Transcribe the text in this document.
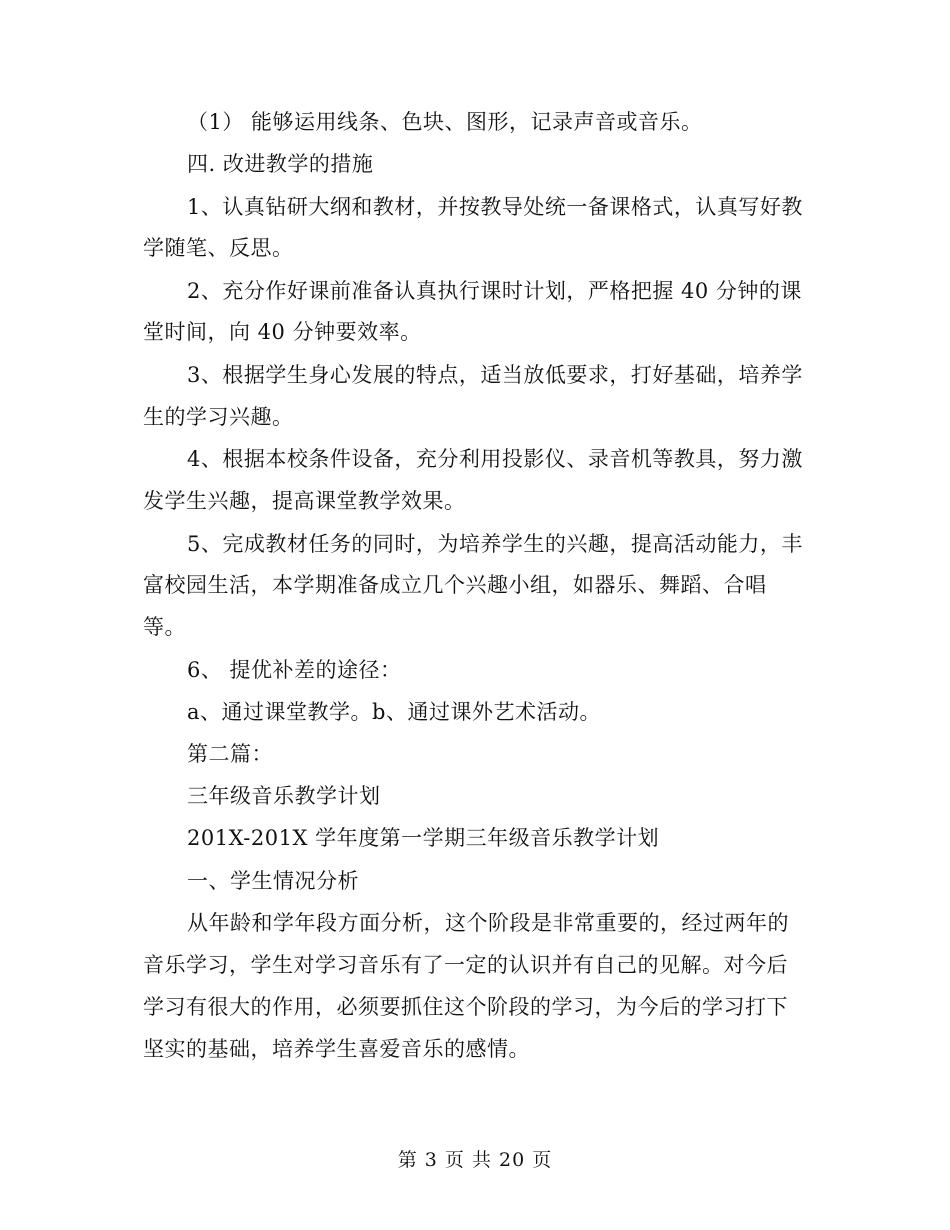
（1） 能够运用线条、色块、图形，记录声音或音乐。
四. 改进教学的措施
1、认真钻研大纲和教材，并按教导处统一备课格式，认真写好教
学随笔、反思。
2、充分作好课前准备认真执行课时计划，严格把握 40 分钟的课
堂时间，向 40 分钟要效率。
3、根据学生身心发展的特点，适当放低要求，打好基础，培养学
生的学习兴趣。
4、根据本校条件设备，充分利用投影仪、录音机等教具，努力激
发学生兴趣，提高课堂教学效果。
5、完成教材任务的同时，为培养学生的兴趣，提高活动能力，丰
富校园生活，本学期准备成立几个兴趣小组，如器乐、舞蹈、合唱
等。
6、 提优补差的途径：
a、通过课堂教学。b、通过课外艺术活动。
第二篇：
三年级音乐教学计划
201X-201X 学年度第一学期三年级音乐教学计划
一、学生情况分析
从年龄和学年段方面分析，这个阶段是非常重要的，经过两年的
音乐学习，学生对学习音乐有了一定的认识并有自己的见解。对今后
学习有很大的作用，必须要抓住这个阶段的学习，为今后的学习打下
坚实的基础，培养学生喜爱音乐的感情。
第 3 页 共 20 页
